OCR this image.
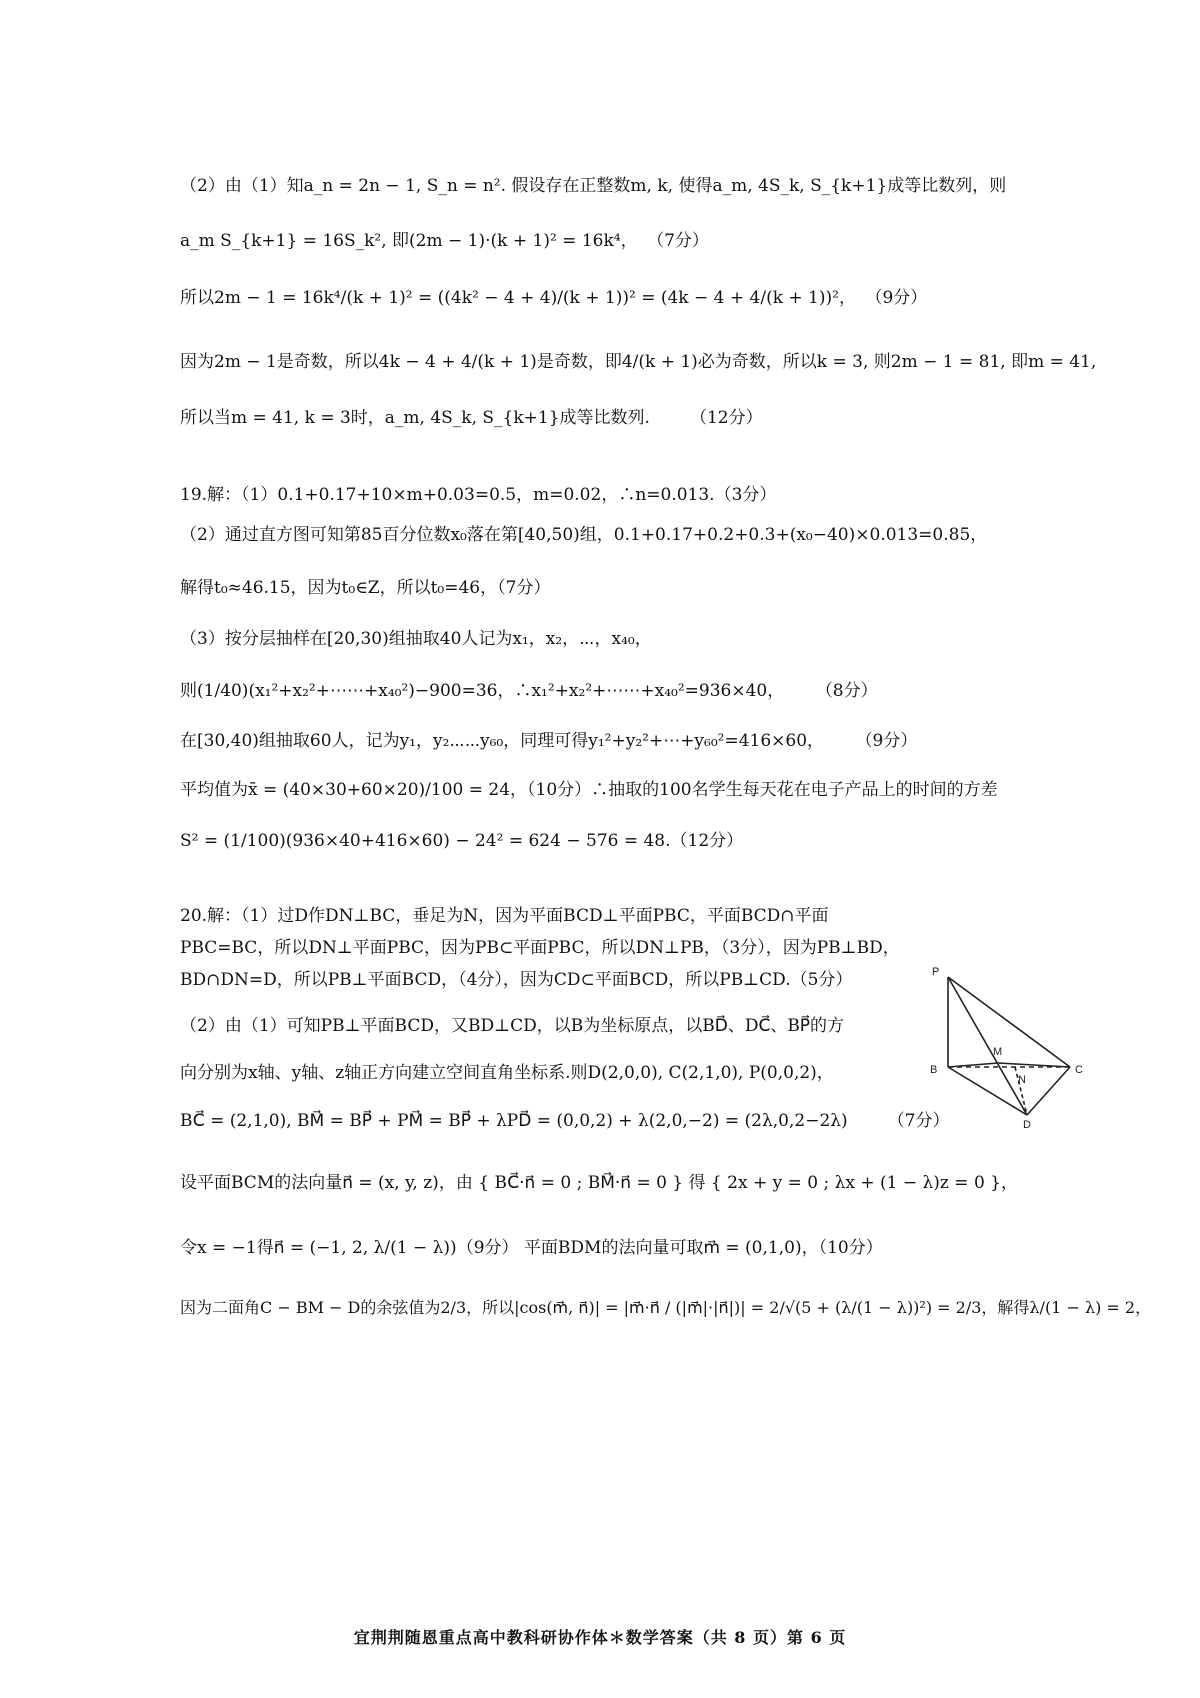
（2）由（1）知a_n = 2n − 1, S_n = n². 假设存在正整数m, k, 使得a_m, 4S_k, S_{k+1}成等比数列，则
a_m S_{k+1} = 16S_k², 即(2m − 1)·(k + 1)² = 16k⁴， （7分）
所以2m − 1 = 16k⁴/(k + 1)² = ((4k² − 4 + 4)/(k + 1))² = (4k − 4 + 4/(k + 1))²， （9分）
因为2m − 1是奇数，所以4k − 4 + 4/(k + 1)是奇数，即4/(k + 1)必为奇数，所以k = 3, 则2m − 1 = 81, 即m = 41,
所以当m = 41, k = 3时，a_m, 4S_k, S_{k+1}成等比数列. （12分）
19.解：（1）0.1+0.17+10×m+0.03=0.5，m=0.02，∴n=0.013.（3分）
（2）通过直方图可知第85百分位数x₀落在第[40,50)组，0.1+0.17+0.2+0.3+(x₀−40)×0.013=0.85，
解得t₀≈46.15，因为t₀∈Z，所以t₀=46，（7分）
（3）按分层抽样在[20,30)组抽取40人记为x₁，x₂，⋯，x₄₀，
则(1/40)(x₁²+x₂²+⋯⋯+x₄₀²)−900=36，∴x₁²+x₂²+⋯⋯+x₄₀²=936×40， （8分）
在[30,40)组抽取60人，记为y₁，y₂⋯⋯y₆₀，同理可得y₁²+y₂²+⋯+y₆₀²=416×60， （9分）
平均值为x̄ = (40×30+60×20)/100 = 24，（10分）∴抽取的100名学生每天花在电子产品上的时间的方差
S² = (1/100)(936×40+416×60) − 24² = 624 − 576 = 48.（12分）
20.解：（1）过D作DN⊥BC，垂足为N，因为平面BCD⊥平面PBC，平面BCD∩平面
PBC=BC，所以DN⊥平面PBC，因为PB⊂平面PBC，所以DN⊥PB，（3分），因为PB⊥BD，
BD∩DN=D，所以PB⊥平面BCD，（4分），因为CD⊂平面BCD，所以PB⊥CD.（5分）
（2）由（1）可知PB⊥平面BCD，又BD⊥CD，以B为坐标原点，以BD⃗、DC⃗、BP⃗的方
向分别为x轴、y轴、z轴正方向建立空间直角坐标系.则D(2,0,0), C(2,1,0), P(0,0,2)，
BC⃗ = (2,1,0), BM⃗ = BP⃗ + PM⃗ = BP⃗ + λPD⃗ = (0,0,2) + λ(2,0,−2) = (2λ,0,2−2λ) （7分）
设平面BCM的法向量n⃗ = (x, y, z)，由 { BC⃗·n⃗ = 0 ; BM⃗·n⃗ = 0 } 得 { 2x + y = 0 ; λx + (1 − λ)z = 0 }，
令x = −1得n⃗ = (−1, 2, λ/(1 − λ))（9分） 平面BDM的法向量可取m⃗ = (0,1,0)，（10分）
因为二面角C − BM − D的余弦值为2/3，所以|cos(m⃗, n⃗)| = |m⃗·n⃗ / (|m⃗|·|n⃗|)| = 2/√(5 + (λ/(1 − λ))²) = 2/3，解得λ/(1 − λ) = 2，
P
B
M
C
N
D
宜荆荆随恩重点高中教科研协作体＊数学答案（共 8 页）第 6 页
